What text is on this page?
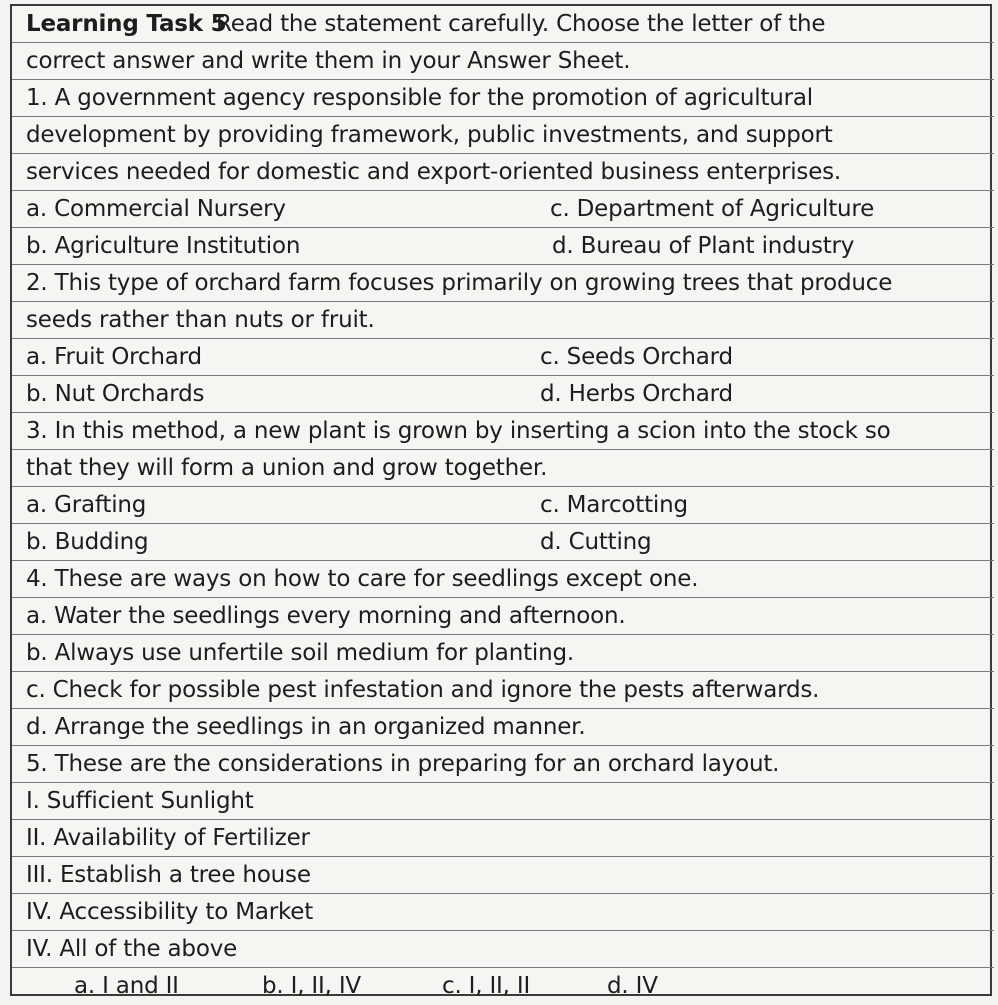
Learning Task 5
Read the statement carefully. Choose the letter of the
correct answer and write them in your Answer Sheet.
1. A government agency responsible for the promotion of agricultural
development by providing framework, public investments, and support
services needed for domestic and export-oriented business enterprises.
a. Commercial Nursery	c. Department of Agriculture
b. Agriculture Institution	d. Bureau of Plant industry
2. This type of orchard farm focuses primarily on growing trees that produce
seeds rather than nuts or fruit.
a. Fruit Orchard	c. Seeds Orchard
b. Nut Orchards	d. Herbs Orchard
3. In this method, a new plant is grown by inserting a scion into the stock so
that they will form a union and grow together.
a. Grafting	c. Marcotting
b. Budding	d. Cutting
4. These are ways on how to care for seedlings except one.
a. Water the seedlings every morning and afternoon.
b. Always use unfertile soil medium for planting.
c. Check for possible pest infestation and ignore the pests afterwards.
d. Arrange the seedlings in an organized manner.
5. These are the considerations in preparing for an orchard layout.
I. Sufficient Sunlight
II. Availability of Fertilizer
III. Establish a tree house
IV. Accessibility to Market
IV. All of the above
a. I and II	b. I, II, IV	c. I, II, II	d. IV
